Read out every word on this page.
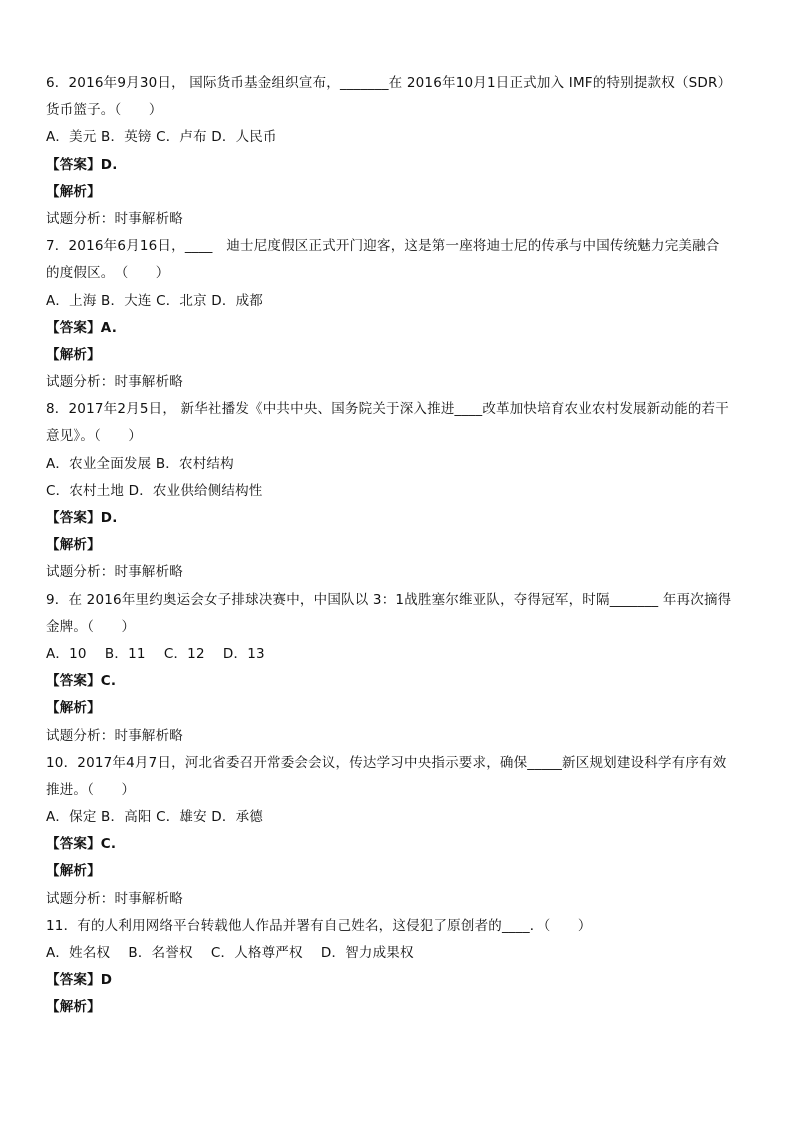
6．2016年9月30日， 国际货币基金组织宣布，_______在 2016年10月1日正式加入 IMF的特别提款权（SDR）
货币篮子。（　　）
A．美元 B．英镑 C．卢布 D．人民币
【答案】D.
【解析】
试题分析：时事解析略
7．2016年6月16日，____　迪士尼度假区正式开门迎客，这是第一座将迪士尼的传承与中国传统魅力完美融合
的度假区。　（　　）
A．上海 B．大连 C．北京 D．成都
【答案】A.
【解析】
试题分析：时事解析略
8．2017年2月5日， 新华社播发《中共中央、国务院关于深入推进____改革加快培育农业农村发展新动能的若干
意见》。（　　）
A．农业全面发展 B．农村结构
C．农村土地 D．农业供给侧结构性
【答案】D.
【解析】
试题分析：时事解析略
9．在 2016年里约奥运会女子排球决赛中，中国队以 3：1战胜塞尔维亚队，夺得冠军，时隔_______ 年再次摘得
金牌。（　　）
A．10　 B．11　 C．12　 D．13
【答案】C.
【解析】
试题分析：时事解析略
10．2017年4月7日，河北省委召开常委会会议，传达学习中央指示要求，确保_____新区规划建设科学有序有效
推进。（　　）
A．保定 B．高阳 C．雄安 D．承德
【答案】C.
【解析】
试题分析：时事解析略
11．有的人利用网络平台转载他人作品并署有自己姓名，这侵犯了原创者的____．（　　）
A．姓名权　 B．名誉权　 C．人格尊严权　 D．智力成果权
【答案】D
【解析】
